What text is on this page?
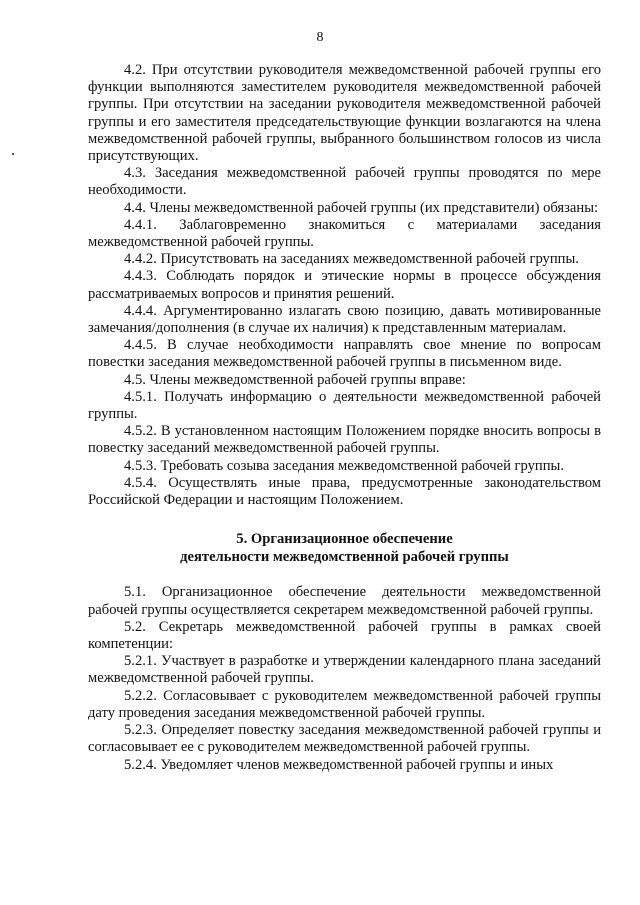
8

4.2. При отсутствии руководителя межведомственной рабочей группы его функции выполняются заместителем руководителя межведомственной рабочей группы. При отсутствии на заседании руководителя межведомственной рабочей группы и его заместителя председательствующие функции возлагаются на члена межведомственной рабочей группы, выбранного большинством голосов из числа присутствующих.

4.3. Заседания межведомственной рабочей группы проводятся по мере необходимости.

4.4. Члены межведомственной рабочей группы (их представители) обязаны:

4.4.1. Заблаговременно знакомиться с материалами заседания межведомственной рабочей группы.

4.4.2. Присутствовать на заседаниях межведомственной рабочей группы.

4.4.3. Соблюдать порядок и этические нормы в процессе обсуждения рассматриваемых вопросов и принятия решений.

4.4.4. Аргументированно излагать свою позицию, давать мотивированные замечания/дополнения (в случае их наличия) к представленным материалам.

4.4.5. В случае необходимости направлять свое мнение по вопросам повестки заседания межведомственной рабочей группы в письменном виде.

4.5. Члены межведомственной рабочей группы вправе:

4.5.1. Получать информацию о деятельности межведомственной рабочей группы.

4.5.2. В установленном настоящим Положением порядке вносить вопросы в повестку заседаний межведомственной рабочей группы.

4.5.3. Требовать созыва заседания межведомственной рабочей группы.

4.5.4. Осуществлять иные права, предусмотренные законодательством Российской Федерации и настоящим Положением.

5. Организационное обеспечение
деятельности межведомственной рабочей группы

5.1. Организационное обеспечение деятельности межведомственной рабочей группы осуществляется секретарем межведомственной рабочей группы.

5.2. Секретарь межведомственной рабочей группы в рамках своей компетенции:

5.2.1. Участвует в разработке и утверждении календарного плана заседаний межведомственной рабочей группы.

5.2.2. Согласовывает с руководителем межведомственной рабочей группы дату проведения заседания межведомственной рабочей группы.

5.2.3. Определяет повестку заседания межведомственной рабочей группы и согласовывает ее с руководителем межведомственной рабочей группы.

5.2.4. Уведомляет членов межведомственной рабочей группы и иных
